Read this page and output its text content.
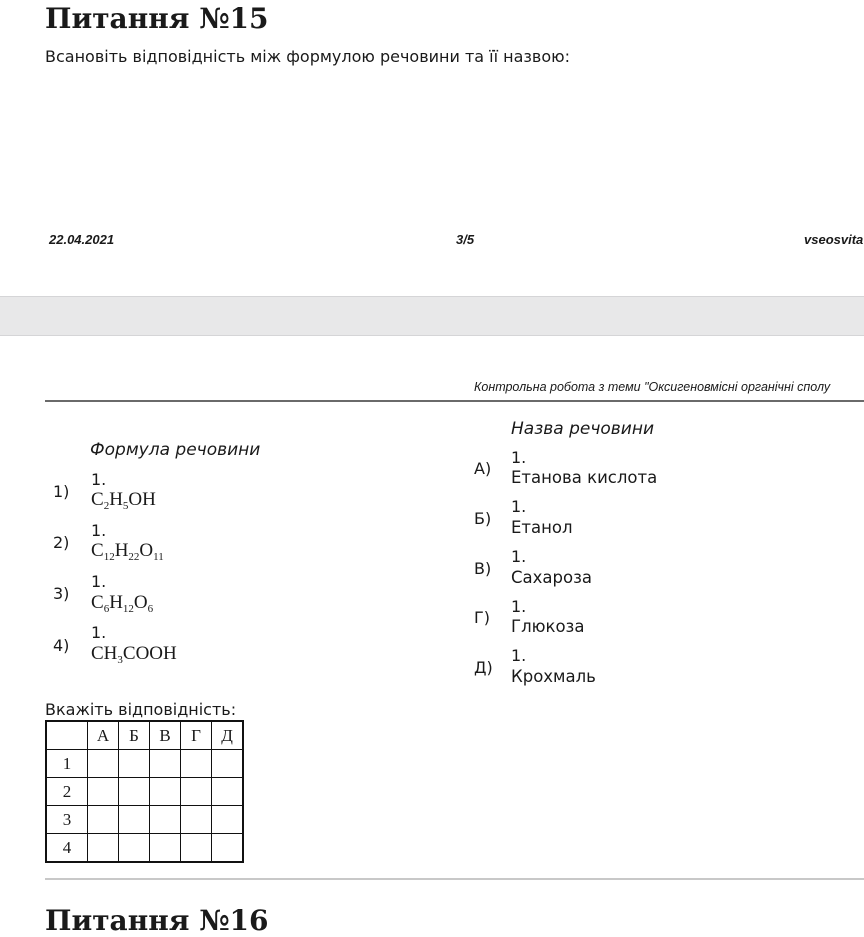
Питання №15
Всановіть відповідність між формулою речовини та її назвою:
22.04.2021	3/5	vseosvita
Контрольна робота з теми "Оксигеновмісні органічні сполу
Формула речовини
Назва речовини
1)
1.
$C_2H_5OH$
2)
1.
$C_{12}H_{22}O_{11}$
3)
1.
$C_6H_{12}O_6$
4)
1.
$CH_3COOH$
А)
1.
Етанова кислота
Б)
1.
Етанол
В)
1.
Сахароза
Г)
1.
Глюкоза
Д)
1.
Крохмаль
Вкажіть відповідність:
	А	Б	В	Г	Д
1					
2					
3					
4					
Питання №16
